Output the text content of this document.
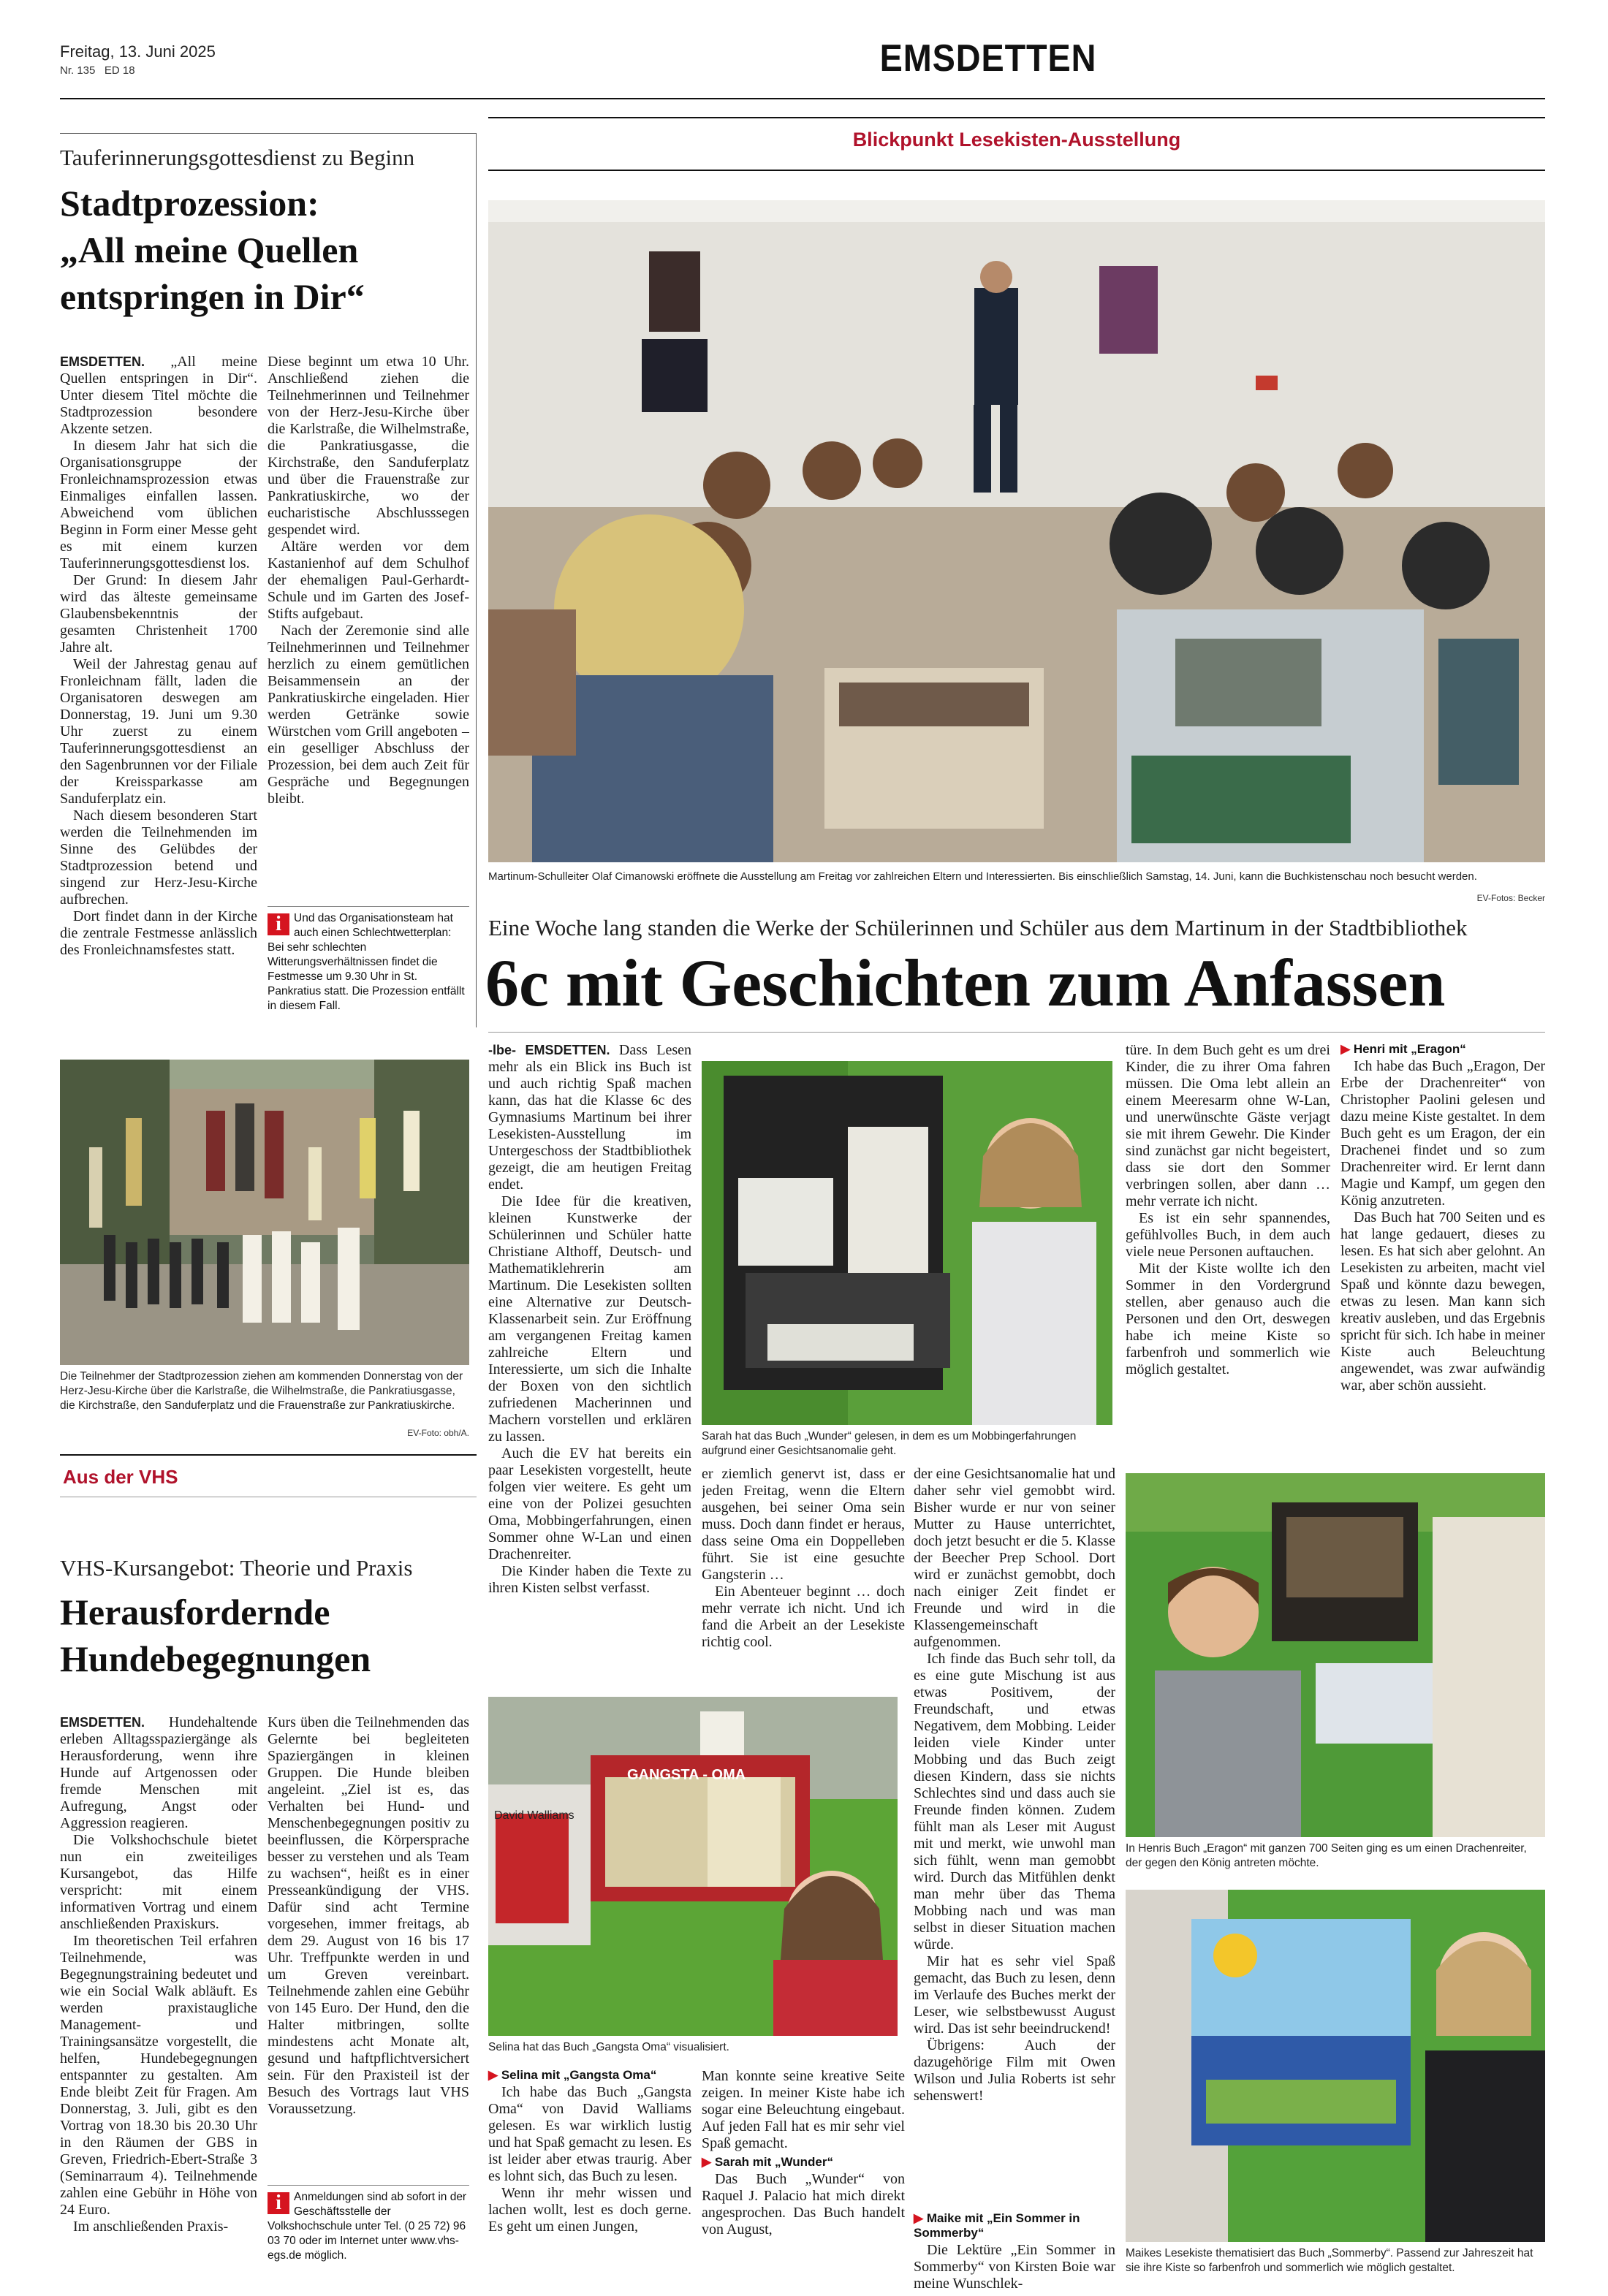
Freitag, 13. Juni 2025
Nr. 135 ED 18	EMSDETTEN
Tauferinnerungsgottesdienst zu Beginn
Stadtprozession:
„All meine Quellen
entspringen in Dir“

EMSDETTEN. „All meine Quellen entspringen in Dir“. Unter diesem Titel möchte die Stadtprozession besondere Akzente setzen.

In diesem Jahr hat sich die Organisationsgruppe der Fronleichnamsprozession etwas Einmaliges einfallen lassen. Abweichend vom üblichen Beginn in Form einer Messe geht es mit einem kurzen Tauferinnerungsgottesdienst los.

Der Grund: In diesem Jahr wird das älteste gemeinsame Glaubensbekenntnis der gesamten Christenheit 1700 Jahre alt.

Weil der Jahrestag genau auf Fronleichnam fällt, laden die Organisatoren deswegen am Donnerstag, 19. Juni um 9.30 Uhr zuerst zu einem Tauferinnerungsgottesdienst an den Sagenbrunnen vor der Filiale der Kreissparkasse am Sanduferplatz ein.

Nach diesem besonderen Start werden die Teilnehmenden im Sinne des Gelübdes der Stadtprozession betend und singend zur Herz-Jesu-Kirche aufbrechen.

Dort findet dann in der Kirche die zentrale Festmesse anlässlich des Fronleichnamsfestes statt.

Diese beginnt um etwa 10 Uhr. Anschließend ziehen die Teilnehmerinnen und Teilnehmer von der Herz-Jesu-Kirche über die Karlstraße, die Wilhelmstraße, die Pankratiusgasse, die Kirchstraße, den Sanduferplatz und über die Frauenstraße zur Pankratiuskirche, wo der eucharistische Abschlusssegen gespendet wird.

Altäre werden vor dem Kastanienhof auf dem Schulhof der ehemaligen Paul-Gerhardt-Schule und im Garten des Josef-Stifts aufgebaut.

Nach der Zeremonie sind alle Teilnehmerinnen und Teilnehmer herzlich zu einem gemütlichen Beisammensein an der Pankratiuskirche eingeladen. Hier werden Getränke sowie Würstchen vom Grill angeboten – ein geselliger Abschluss der Prozession, bei dem auch Zeit für Gespräche und Begegnungen bleibt.

i	Und das Organisationsteam hat auch einen Schlechtwetterplan: Bei sehr schlechten Witterungsverhältnissen findet die Festmesse um 9.30 Uhr in St. Pankratius statt. Die Prozession entfällt in diesem Fall.
Die Teilnehmer der Stadtprozession ziehen am kommenden Donnerstag von der Herz-Jesu-Kirche über die Karlstraße, die Wilhelmstraße, die Pankratiusgasse, die Kirchstraße, den Sanduferplatz und die Frauenstraße zur Pankratiuskirche.
EV-Foto: obh/A.
Aus der VHS
VHS-Kursangebot: Theorie und Praxis
Herausfordernde
Hundebegegnungen

EMSDETTEN. Hundehaltende erleben Alltagsspaziergänge als Herausforderung, wenn ihre Hunde auf Artgenossen oder fremde Menschen mit Aufregung, Angst oder Aggression reagieren.

Die Volkshochschule bietet nun ein zweiteiliges Kursangebot, das Hilfe verspricht: mit einem informativen Vortrag und einem anschließenden Praxiskurs.

Im theoretischen Teil erfahren Teilnehmende, was Begegnungstraining bedeutet und wie ein Social Walk abläuft. Es werden praxistaugliche Management- und Trainingsansätze vorgestellt, die helfen, Hundebegegnungen entspannter zu gestalten. Am Ende bleibt Zeit für Fragen. Am Donnerstag, 3. Juli, gibt es den Vortrag von 18.30 bis 20.30 Uhr in den Räumen der GBS in Greven, Friedrich-Ebert-Straße 3 (Seminarraum 4). Teilnehmende zahlen eine Gebühr in Höhe von 24 Euro.

Im anschließenden Praxis-

Kurs üben die Teilnehmenden das Gelernte bei begleiteten Spaziergängen in kleinen Gruppen. Die Hunde bleiben angeleint. „Ziel ist es, das Verhalten bei Hund- und Menschenbegegnungen positiv zu beeinflussen, die Körpersprache besser zu verstehen und als Team zu wachsen“, heißt es in einer Presseankündigung der VHS. Dafür sind acht Termine vorgesehen, immer freitags, ab dem 29. August von 16 bis 17 Uhr. Treffpunkte werden in und um Greven vereinbart. Teilnehmende zahlen eine Gebühr von 145 Euro. Der Hund, den die Halter mitbringen, sollte mindestens acht Monate alt, gesund und haftpflichtversichert sein. Für den Praxisteil ist der Besuch des Vortrags laut VHS Voraussetzung.

i	Anmeldungen sind ab sofort in der Geschäftsstelle der Volkshochschule unter Tel. (0 25 72) 96 03 70 oder im Internet unter www.vhs-egs.de möglich.
Blickpunkt Lesekisten-Ausstellung
Martinum-Schulleiter Olaf Cimanowski eröffnete die Ausstellung am Freitag vor zahlreichen Eltern und Interessierten. Bis einschließlich Samstag, 14. Juni, kann die Buchkistenschau noch besucht werden.
EV-Fotos: Becker
Eine Woche lang standen die Werke der Schülerinnen und Schüler aus dem Martinum in der Stadtbibliothek
6c mit Geschichten zum Anfassen

-lbe- EMSDETTEN. Dass Lesen mehr als ein Blick ins Buch ist und auch richtig Spaß machen kann, das hat die Klasse 6c des Gymnasiums Martinum bei ihrer Lesekisten-Ausstellung im Untergeschoss der Stadtbibliothek gezeigt, die am heutigen Freitag endet.

Die Idee für die kreativen, kleinen Kunstwerke der Schülerinnen und Schüler hatte Christiane Althoff, Deutsch- und Mathematiklehrerin am Martinum. Die Lesekisten sollten eine Alternative zur Deutsch-Klassenarbeit sein. Zur Eröffnung am vergangenen Freitag kamen zahlreiche Eltern und Interessierte, um sich die Inhalte der Boxen von den sichtlich zufriedenen Macherinnen und Machern vorstellen und erklären zu lassen.

Auch die EV hat bereits ein paar Lesekisten vorgestellt, heute folgen vier weitere. Es geht um eine von der Polizei gesuchten Oma, Mobbingerfahrungen, einen Sommer ohne W-Lan und einen Drachenreiter.

Die Kinder haben die Texte zu ihren Kisten selbst verfasst.

Sarah hat das Buch „Wunder“ gelesen, in dem es um Mobbingerfahrungen aufgrund einer Gesichtsanomalie geht.

er ziemlich genervt ist, dass er jeden Freitag, wenn die Eltern ausgehen, bei seiner Oma sein muss. Doch dann findet er heraus, dass seine Oma ein Doppelleben führt. Sie ist eine gesuchte Gangsterin …

Ein Abenteuer beginnt … doch mehr verrate ich nicht. Und ich fand die Arbeit an der Lesekiste richtig cool.

der eine Gesichtsanomalie hat und daher sehr viel gemobbt wird. Bisher wurde er nur von seiner Mutter zu Hause unterrichtet, doch jetzt besucht er die 5. Klasse der Beecher Prep School. Dort wird er zunächst gemobbt, doch nach einiger Zeit findet er Freunde und wird in die Klassengemeinschaft aufgenommen.

Ich finde das Buch sehr toll, da es eine gute Mischung ist aus etwas Positivem, der Freundschaft, und etwas Negativem, dem Mobbing. Leider leiden viele Kinder unter Mobbing und das Buch zeigt diesen Kindern, dass sie nichts Schlechtes sind und dass auch sie Freunde finden können. Zudem fühlt man als Leser mit August mit und merkt, wie unwohl man sich fühlt, wenn man gemobbt wird. Durch das Mitfühlen denkt man mehr über das Thema Mobbing nach und was man selbst in dieser Situation machen würde.

Mir hat es sehr viel Spaß gemacht, das Buch zu lesen, denn im Verlaufe des Buches merkt der Leser, wie selbstbewusst August wird. Das ist sehr beeindruckend!

Übrigens: Auch der dazugehörige Film mit Owen Wilson und Julia Roberts ist sehr sehenswert!

▶ Maike mit „Ein Sommer in Sommerby“

Die Lektüre „Ein Sommer in Sommerby“ von Kirsten Boie war meine Wunschlek-

GANGSTA - OMA
David Walliams
Selina hat das Buch „Gangsta Oma“ visualisiert.
▶ Selina mit „Gangsta Oma“

Ich habe das Buch „Gangsta Oma“ von David Walliams gelesen. Es war wirklich lustig und hat Spaß gemacht zu lesen. Es ist leider aber etwas traurig. Aber es lohnt sich, das Buch zu lesen.

Wenn ihr mehr wissen und lachen wollt, lest es doch gerne. Es geht um einen Jungen,

Man konnte seine kreative Seite zeigen. In meiner Kiste habe ich sogar eine Beleuchtung eingebaut. Auf jeden Fall hat es mir sehr viel Spaß gemacht.

▶ Sarah mit „Wunder“

Das Buch „Wunder“ von Raquel J. Palacio hat mich direkt angesprochen. Das Buch handelt von August,

türe. In dem Buch geht es um drei Kinder, die zu ihrer Oma fahren müssen. Die Oma lebt allein an einem Meeresarm ohne W-Lan, und unerwünschte Gäste verjagt sie mit ihrem Gewehr. Die Kinder sind zunächst gar nicht begeistert, dass sie dort den Sommer verbringen sollen, aber dann … mehr verrate ich nicht.

Es ist ein sehr spannendes, gefühlvolles Buch, in dem auch viele neue Personen auftauchen.

Mit der Kiste wollte ich den Sommer in den Vordergrund stellen, aber genauso auch die Personen und den Ort, deswegen habe ich meine Kiste so farbenfroh und sommerlich wie möglich gestaltet.

▶ Henri mit „Eragon“

Ich habe das Buch „Eragon, Der Erbe der Drachenreiter“ von Christopher Paolini gelesen und dazu meine Kiste gestaltet. In dem Buch geht es um Eragon, der ein Drachenei findet und so zum Drachenreiter wird. Er lernt dann Magie und Kampf, um gegen den König anzutreten.

Das Buch hat 700 Seiten und es hat lange gedauert, dieses zu lesen. Es hat sich aber gelohnt. An Lesekisten zu arbeiten, macht viel Spaß und könnte dazu bewegen, etwas zu lesen. Man kann sich kreativ ausleben, und das Ergebnis spricht für sich. Ich habe in meiner Kiste auch Beleuchtung angewendet, was zwar aufwändig war, aber schön aussieht.

In Henris Buch „Eragon“ mit ganzen 700 Seiten ging es um einen Drachenreiter, der gegen den König antreten möchte.
Maikes Lesekiste thematisiert das Buch „Sommerby“. Passend zur Jahreszeit hat sie ihre Kiste so farbenfroh und sommerlich wie möglich gestaltet.
